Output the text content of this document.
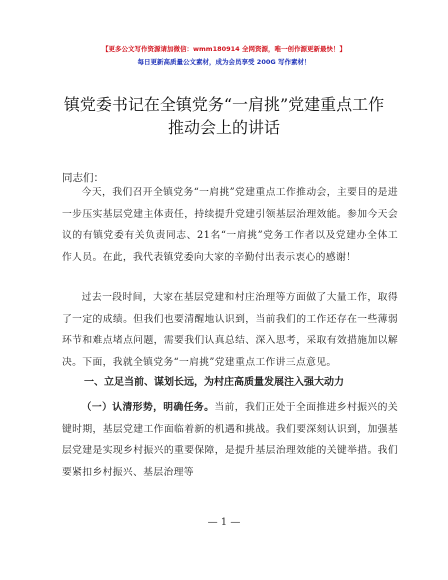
【更多公文写作资源请加微信：wmm180914 全网资源，唯一创作源更新最快！】
每日更新高质量公文素材，成为会员享受 200G 写作素材！
镇党委书记在全镇党务“一肩挑”党建重点工作
推动会上的讲话
同志们：
今天，我们召开全镇党务“一肩挑”党建重点工作推动会，主要目的是进一步压实基层党建主体责任，持续提升党建引领基层治理效能。参加今天会议的有镇党委有关负责同志、21名“一肩挑”党务工作者以及党建办全体工作人员。在此，我代表镇党委向大家的辛勤付出表示衷心的感谢！
过去一段时间，大家在基层党建和村庄治理等方面做了大量工作，取得了一定的成绩。但我们也要清醒地认识到，当前我们的工作还存在一些薄弱环节和难点堵点问题，需要我们认真总结、深入思考，采取有效措施加以解决。下面，我就全镇党务“一肩挑”党建重点工作讲三点意见。
一、立足当前、谋划长远，为村庄高质量发展注入强大动力
（一）认清形势，明确任务。当前，我们正处于全面推进乡村振兴的关键时期，基层党建工作面临着新的机遇和挑战。我们要深刻认识到，加强基层党建是实现乡村振兴的重要保障，是提升基层治理效能的关键举措。我们要紧扣乡村振兴、基层治理等
— 1 —
